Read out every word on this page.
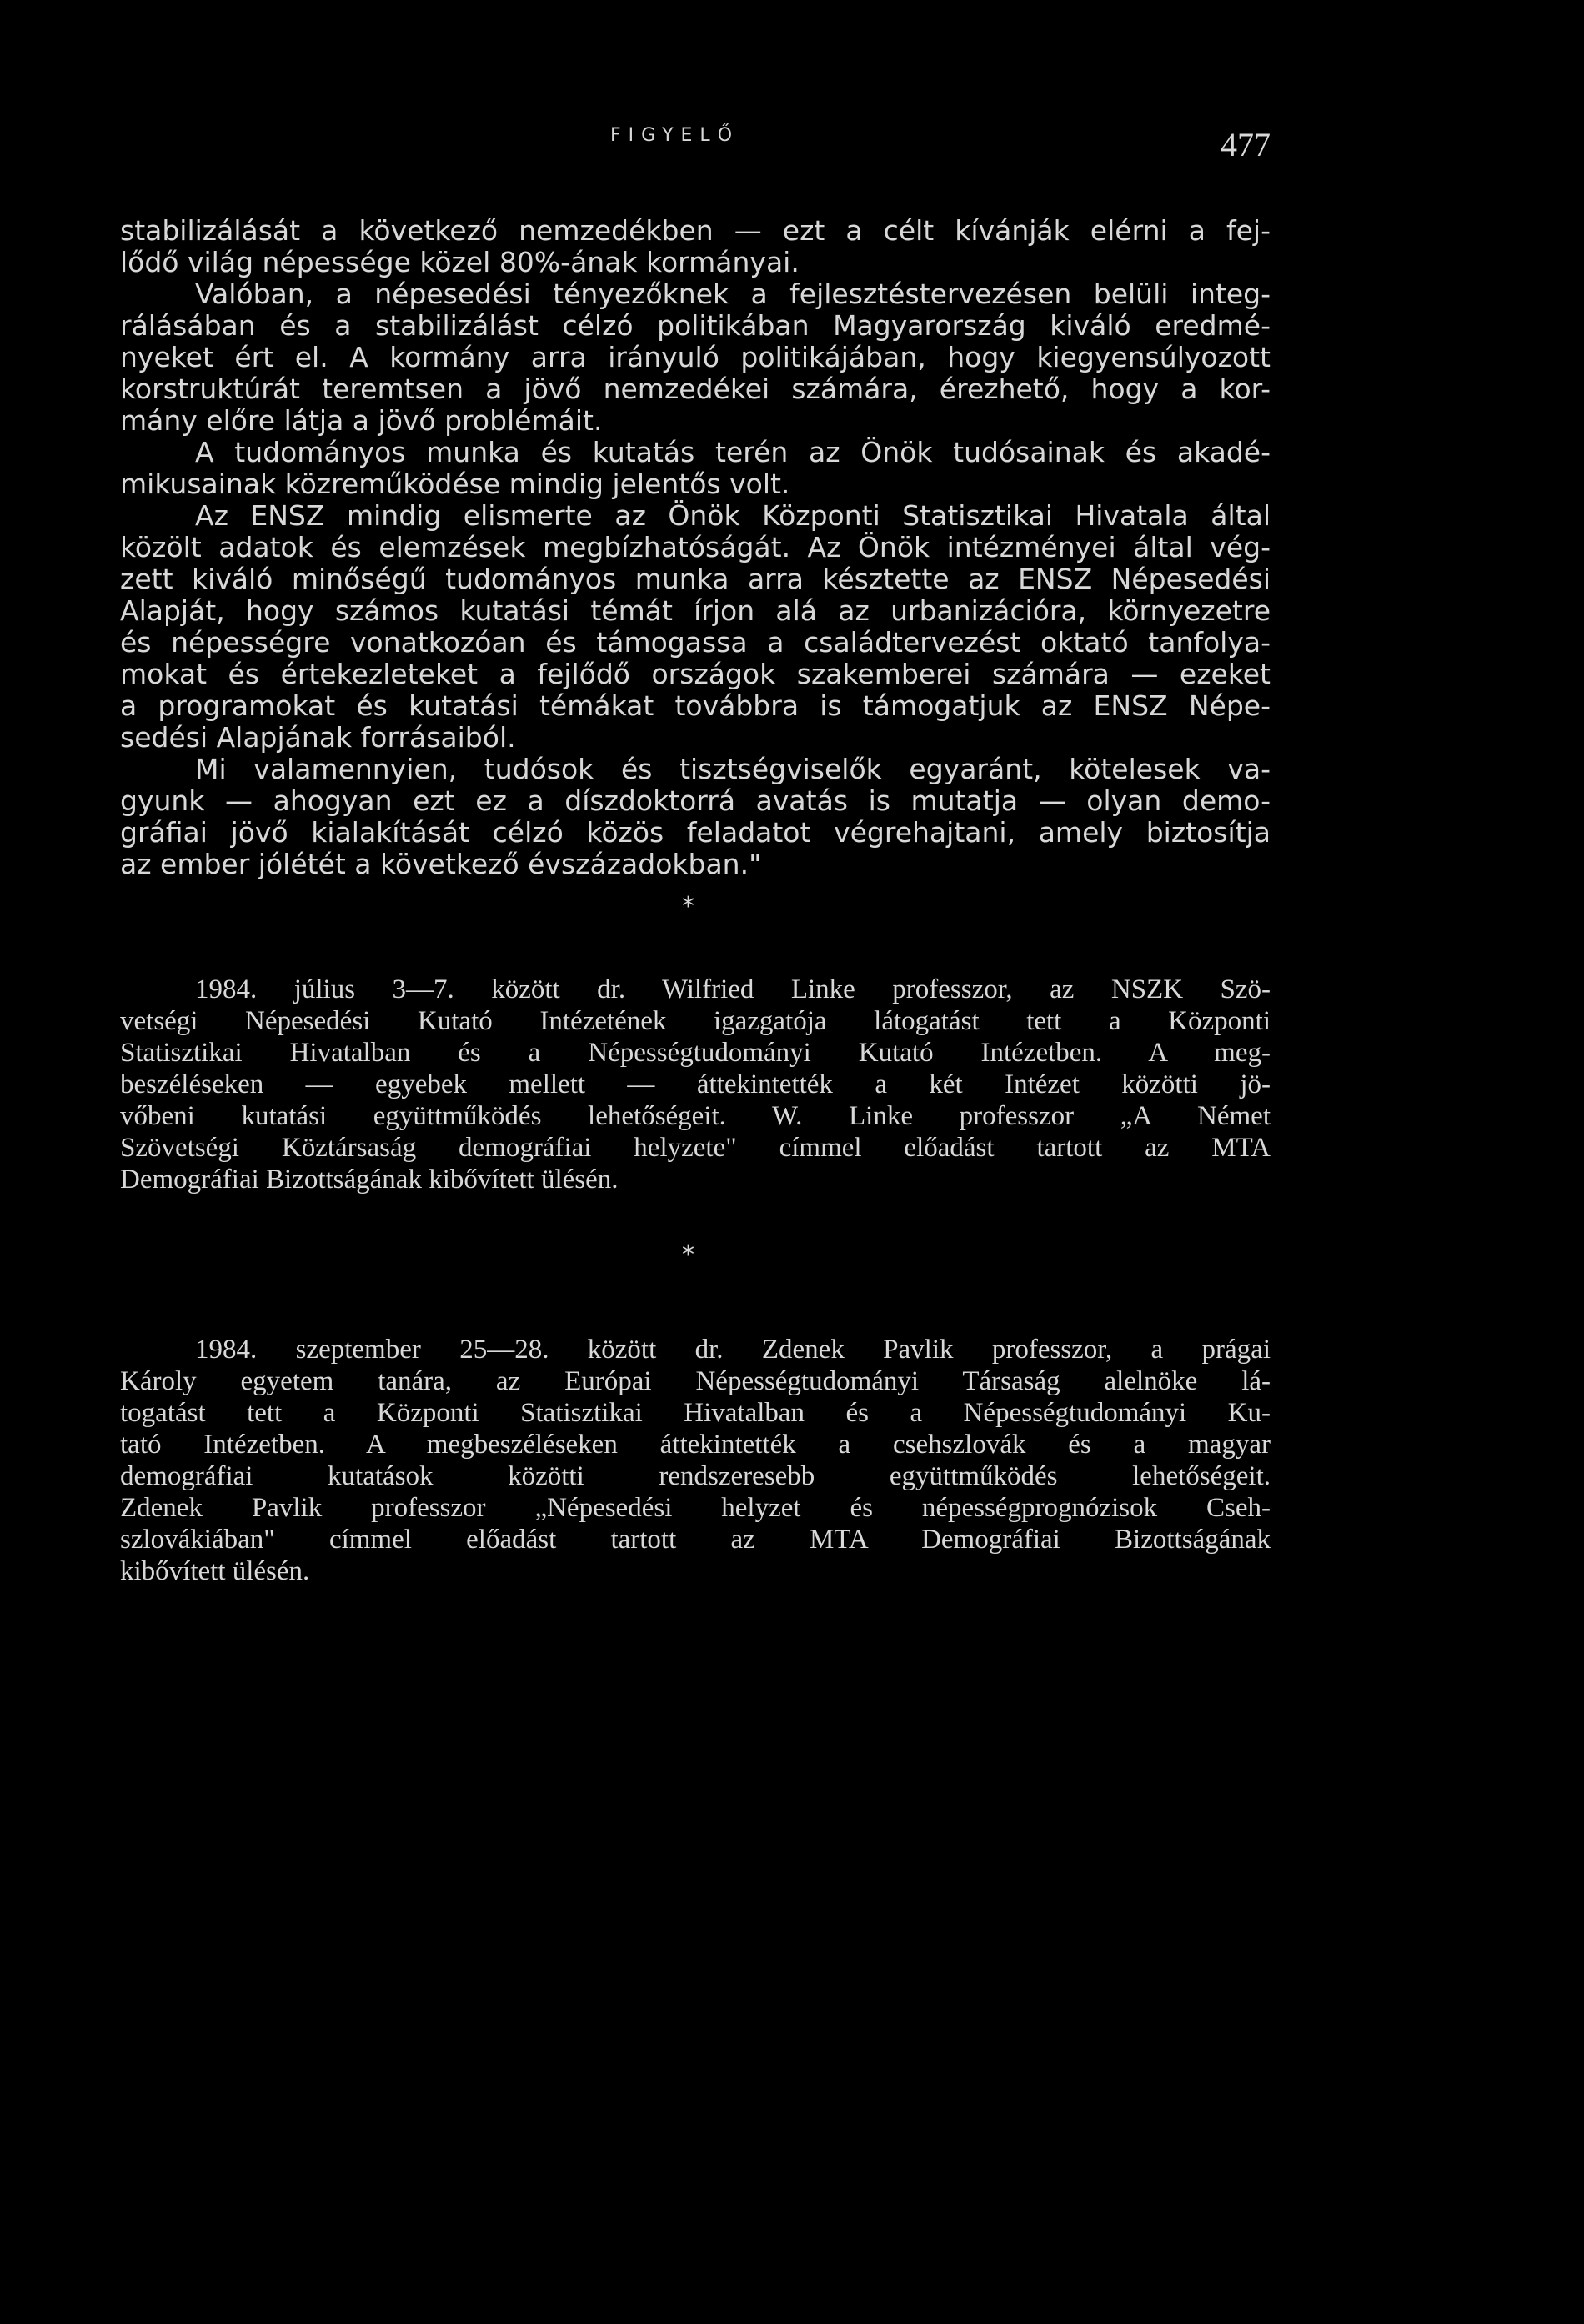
FIGYELŐ	477
stabilizálását a következő nemzedékben — ezt a célt kívánják elérni a fej-
lődő világ népessége közel 80%-ának kormányai.
Valóban, a népesedési tényezőknek a fejlesztéstervezésen belüli integ-
rálásában és a stabilizálást célzó politikában Magyarország kiváló eredmé-
nyeket ért el. A kormány arra irányuló politikájában, hogy kiegyensúlyozott
korstruktúrát teremtsen a jövő nemzedékei számára, érezhető, hogy a kor-
mány előre látja a jövő problémáit.
A tudományos munka és kutatás terén az Önök tudósainak és akadé-
mikusainak közreműködése mindig jelentős volt.
Az ENSZ mindig elismerte az Önök Központi Statisztikai Hivatala által
közölt adatok és elemzések megbízhatóságát. Az Önök intézményei által vég-
zett kiváló minőségű tudományos munka arra késztette az ENSZ Népesedési
Alapját, hogy számos kutatási témát írjon alá az urbanizációra, környezetre
és népességre vonatkozóan és támogassa a családtervezést oktató tanfolya-
mokat és értekezleteket a fejlődő országok szakemberei számára — ezeket
a programokat és kutatási témákat továbbra is támogatjuk az ENSZ Népe-
sedési Alapjának forrásaiból.
Mi valamennyien, tudósok és tisztségviselők egyaránt, kötelesek va-
gyunk — ahogyan ezt ez a díszdoktorrá avatás is mutatja — olyan demo-
gráfiai jövő kialakítását célzó közös feladatot végrehajtani, amely biztosítja
az ember jólétét a következő évszázadokban."
*
1984. július 3—7. között dr. Wilfried Linke professzor, az NSZK Szö-
vetségi Népesedési Kutató Intézetének igazgatója látogatást tett a Központi
Statisztikai Hivatalban és a Népességtudományi Kutató Intézetben. A meg-
beszéléseken — egyebek mellett — áttekintették a két Intézet közötti jö-
vőbeni kutatási együttműködés lehetőségeit. W. Linke professzor „A Német
Szövetségi Köztársaság demográfiai helyzete" címmel előadást tartott az MTA
Demográfiai Bizottságának kibővített ülésén.
*
1984. szeptember 25—28. között dr. Zdenek Pavlik professzor, a prágai
Károly egyetem tanára, az Európai Népességtudományi Társaság alelnöke lá-
togatást tett a Központi Statisztikai Hivatalban és a Népességtudományi Ku-
tató Intézetben. A megbeszéléseken áttekintették a csehszlovák és a magyar
demográfiai kutatások közötti rendszeresebb együttműködés lehetőségeit.
Zdenek Pavlik professzor „Népesedési helyzet és népességprognózisok Cseh-
szlovákiában" címmel előadást tartott az MTA Demográfiai Bizottságának
kibővített ülésén.
